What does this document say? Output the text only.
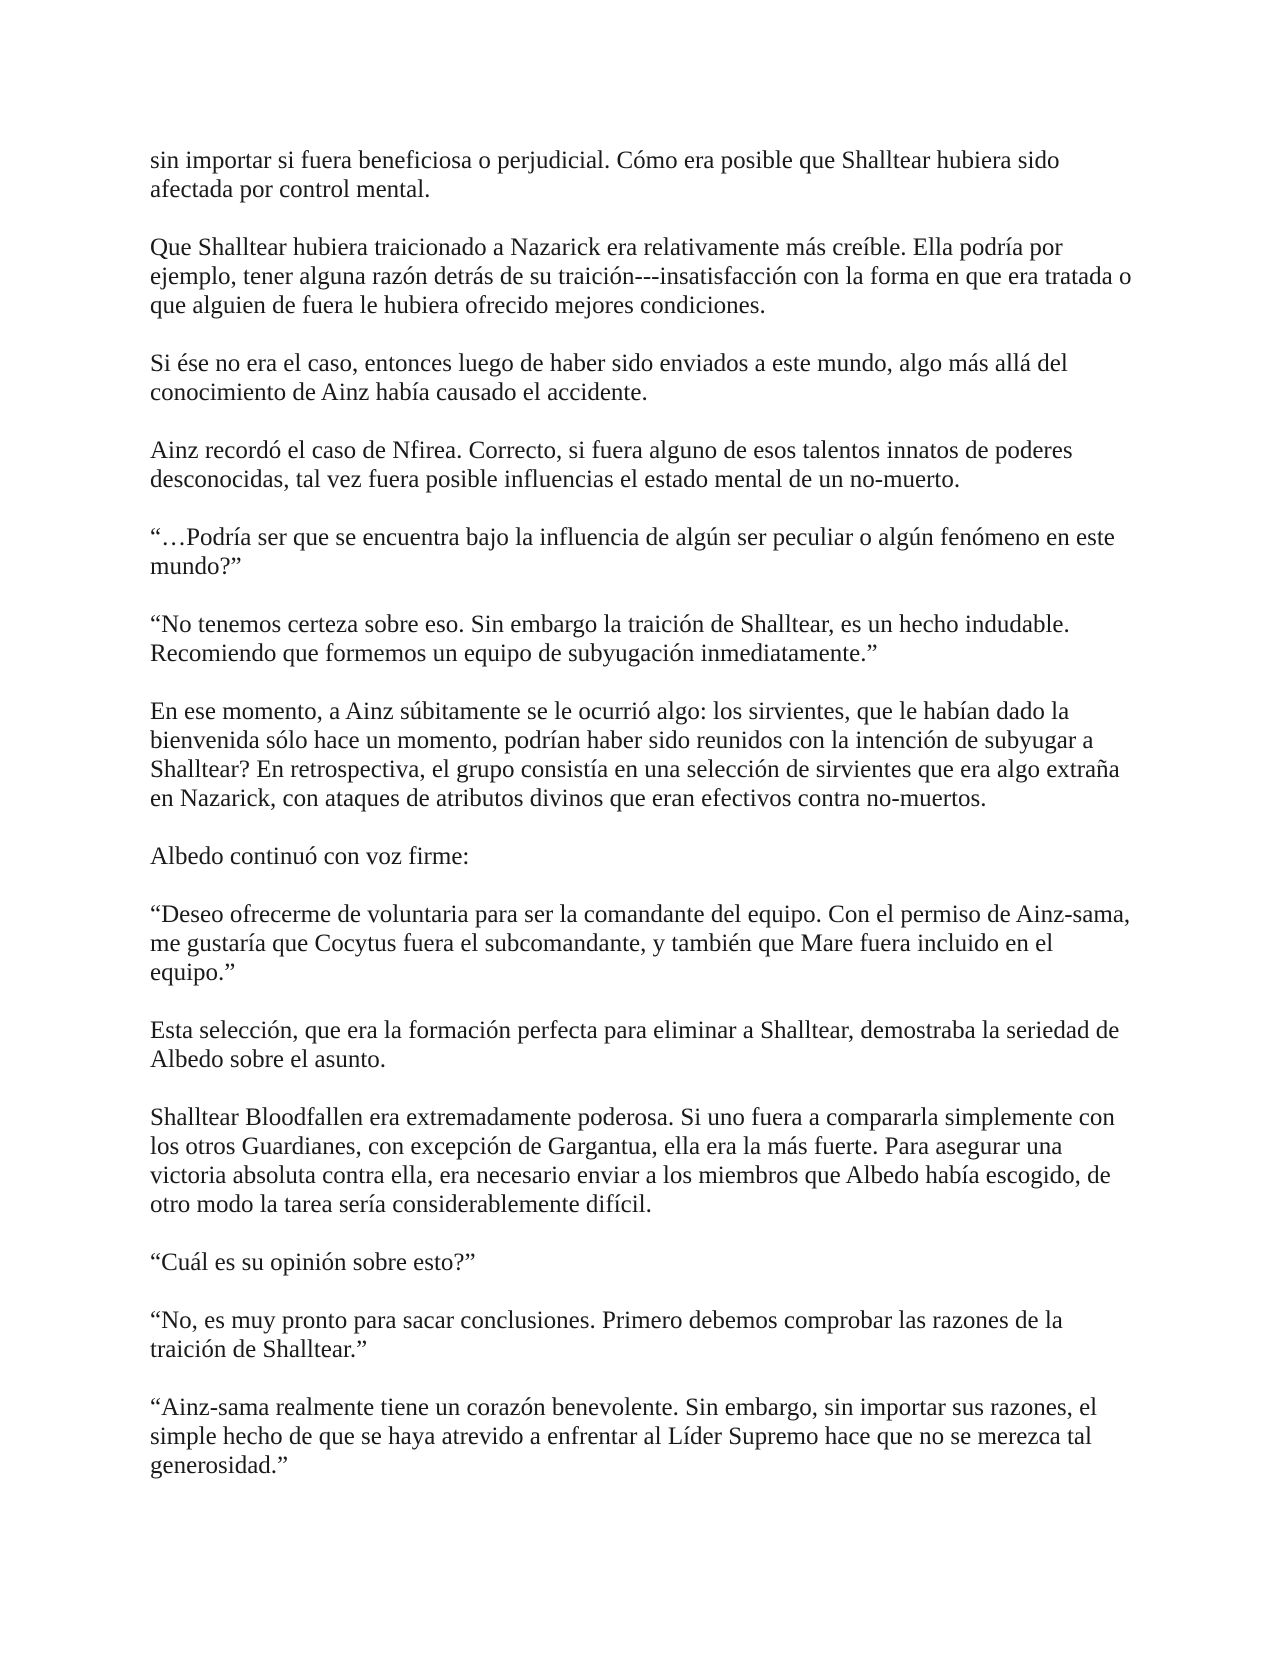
sin importar si fuera beneficiosa o perjudicial. Cómo era posible que Shalltear hubiera sido afectada por control mental.

Que Shalltear hubiera traicionado a Nazarick era relativamente más creíble. Ella podría por ejemplo, tener alguna razón detrás de su traición---insatisfacción con la forma en que era tratada o que alguien de fuera le hubiera ofrecido mejores condiciones.

Si ése no era el caso, entonces luego de haber sido enviados a este mundo, algo más allá del conocimiento de Ainz había causado el accidente.

Ainz recordó el caso de Nfirea. Correcto, si fuera alguno de esos talentos innatos de poderes desconocidas, tal vez fuera posible influencias el estado mental de un no-muerto.

“…Podría ser que se encuentra bajo la influencia de algún ser peculiar o algún fenómeno en este mundo?”

“No tenemos certeza sobre eso. Sin embargo la traición de Shalltear, es un hecho indudable. Recomiendo que formemos un equipo de subyugación inmediatamente.”

En ese momento, a Ainz súbitamente se le ocurrió algo: los sirvientes, que le habían dado la bienvenida sólo hace un momento, podrían haber sido reunidos con la intención de subyugar a Shalltear? En retrospectiva, el grupo consistía en una selección de sirvientes que era algo extraña en Nazarick, con ataques de atributos divinos que eran efectivos contra no-muertos.

Albedo continuó con voz firme:

“Deseo ofrecerme de voluntaria para ser la comandante del equipo. Con el permiso de Ainz-sama, me gustaría que Cocytus fuera el subcomandante, y también que Mare fuera incluido en el equipo.”

Esta selección, que era la formación perfecta para eliminar a Shalltear, demostraba la seriedad de Albedo sobre el asunto.

Shalltear Bloodfallen era extremadamente poderosa. Si uno fuera a compararla simplemente con los otros Guardianes, con excepción de Gargantua, ella era la más fuerte. Para asegurar una victoria absoluta contra ella, era necesario enviar a los miembros que Albedo había escogido, de otro modo la tarea sería considerablemente difícil.

“Cuál es su opinión sobre esto?”

“No, es muy pronto para sacar conclusiones. Primero debemos comprobar las razones de la traición de Shalltear.”

“Ainz-sama realmente tiene un corazón benevolente. Sin embargo, sin importar sus razones, el simple hecho de que se haya atrevido a enfrentar al Líder Supremo hace que no se merezca tal generosidad.”
